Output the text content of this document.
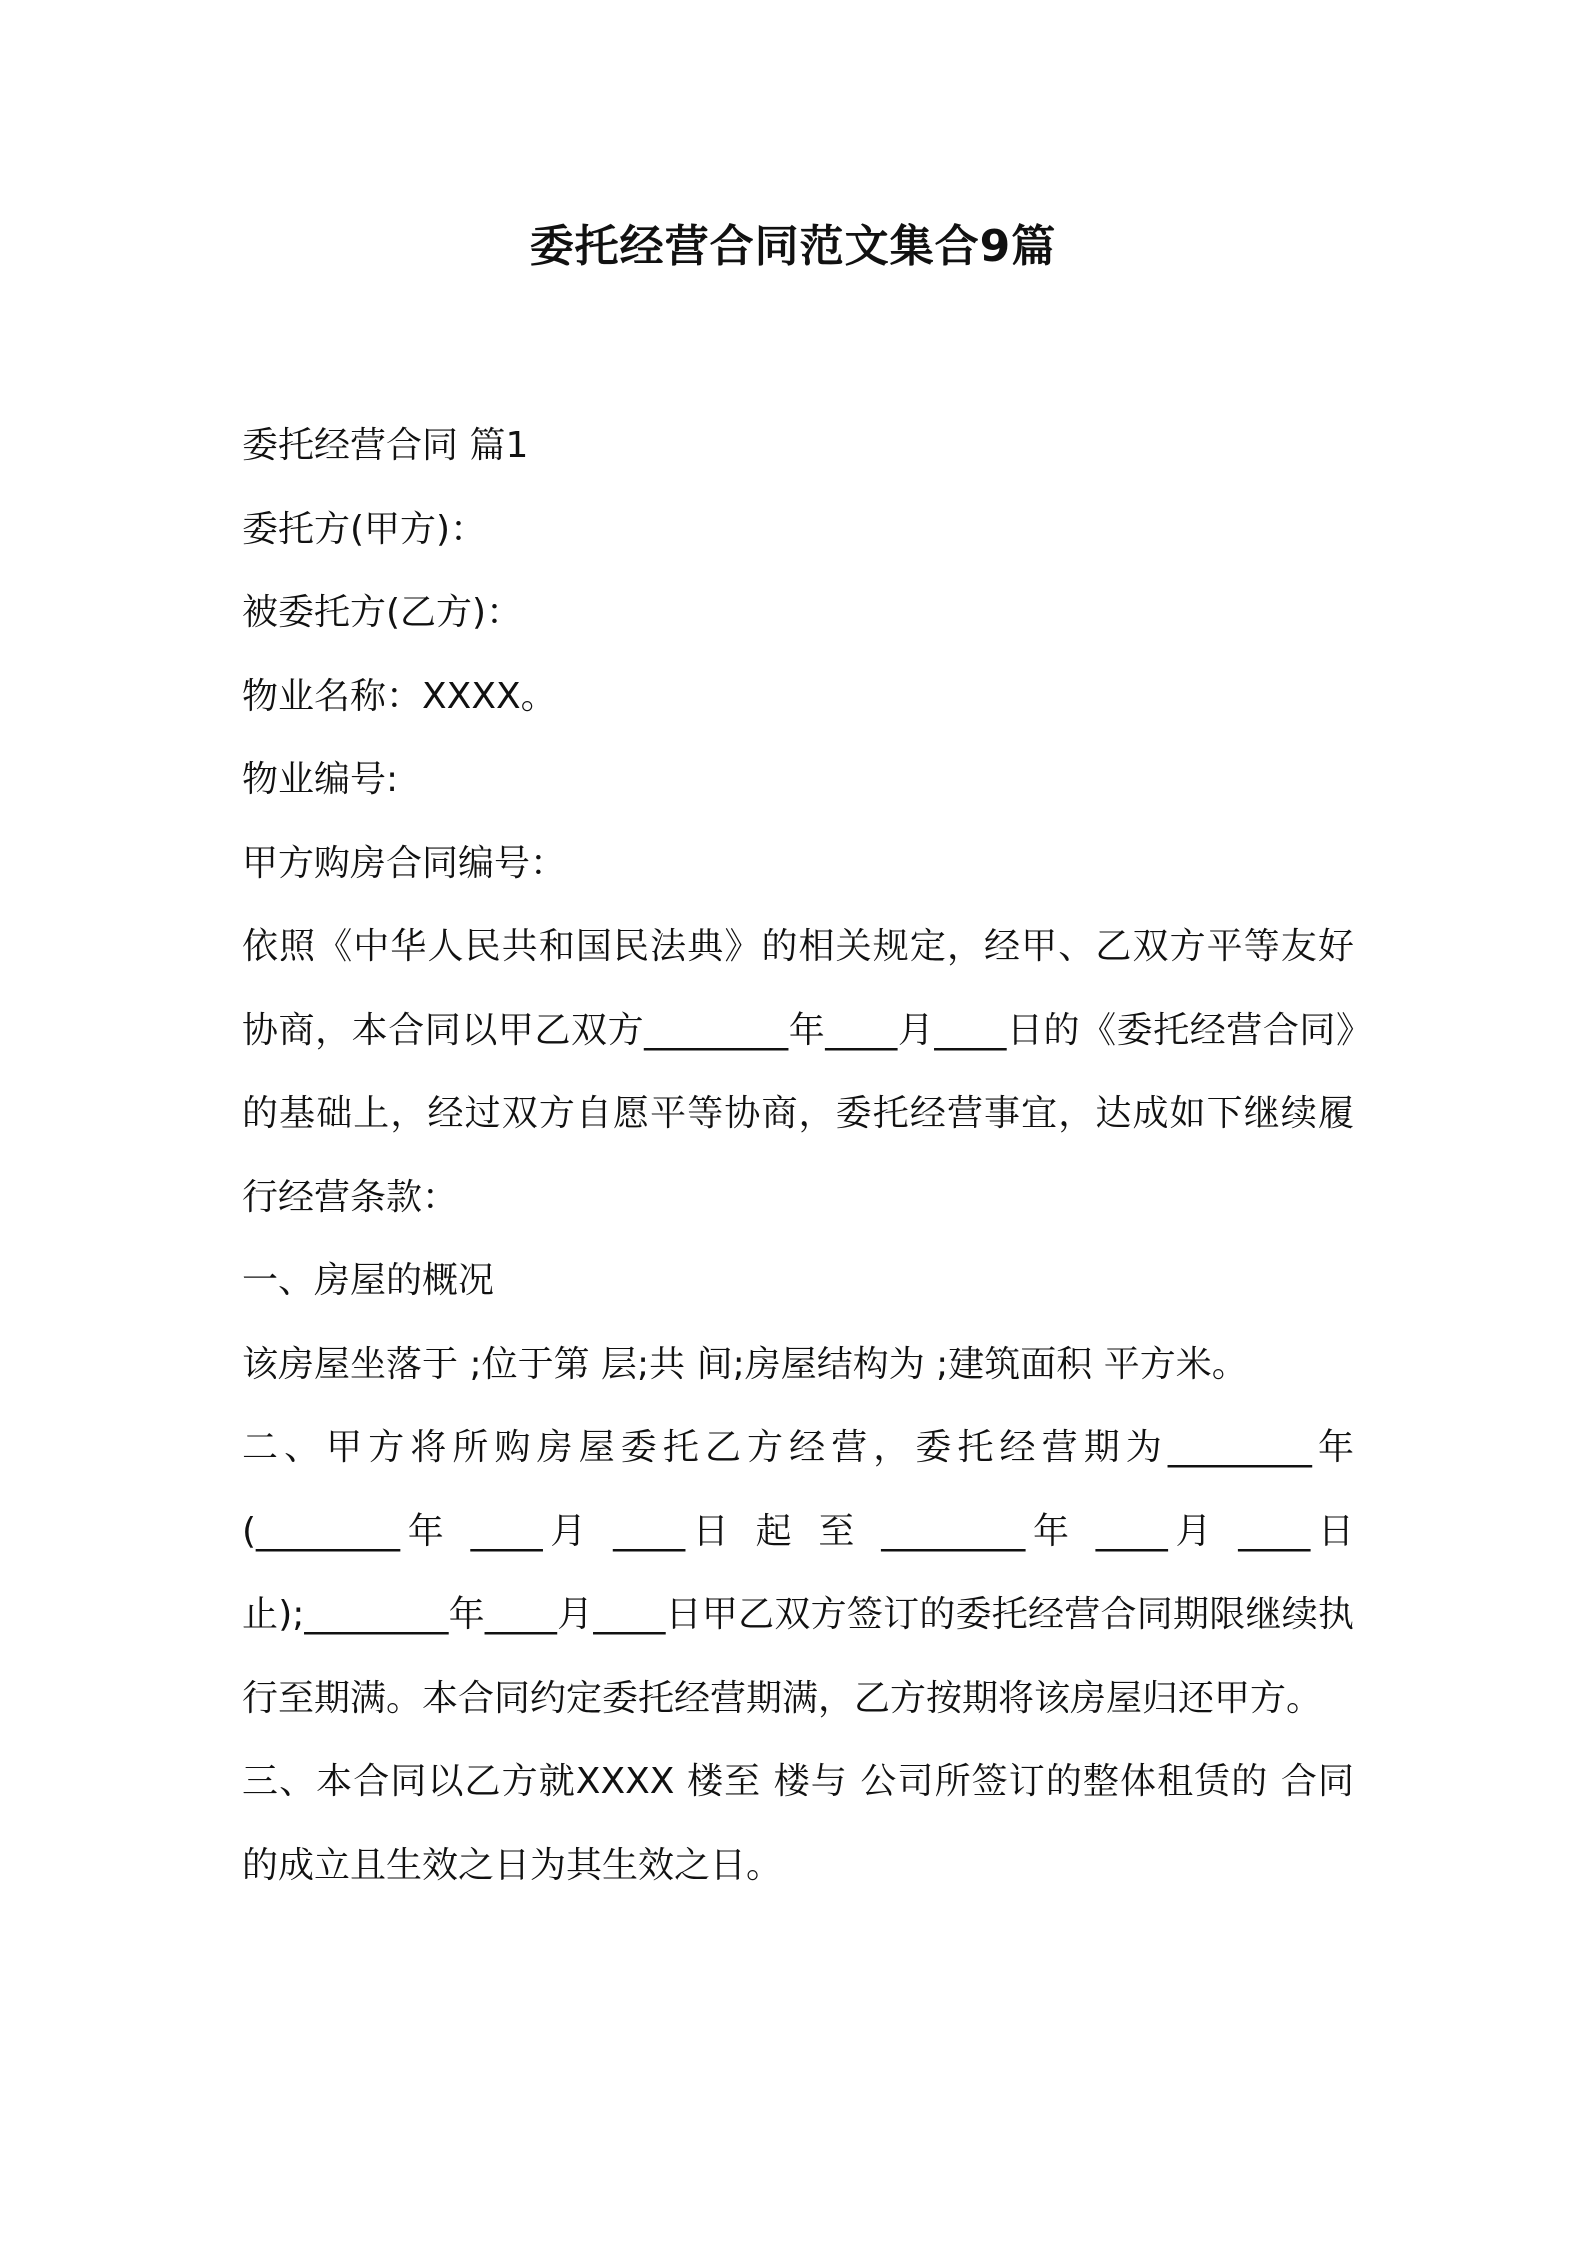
委托经营合同范文集合9篇

委托经营合同 篇1

委托方(甲方)：

被委托方(乙方)：

物业名称：XXXX。

物业编号:

甲方购房合同编号：

依照《中华人民共和国民法典》的相关规定，经甲、乙双方平等友好协商，本合同以甲乙双方________年____月____日的《委托经营合同》的基础上，经过双方自愿平等协商，委托经营事宜，达成如下继续履行经营条款：

一、房屋的概况

该房屋坐落于 ;位于第 层;共 间;房屋结构为 ;建筑面积 平方米。

二、甲方将所购房屋委托乙方经营，委托经营期为________年(________年 ____月 ____日 起 至 ________年 ____月 ____日止);________年____月____日甲乙双方签订的委托经营合同期限继续执行至期满。本合同约定委托经营期满，乙方按期将该房屋归还甲方。

三、本合同以乙方就XXXX 楼至 楼与 公司所签订的整体租赁的 合同的成立且生效之日为其生效之日。
